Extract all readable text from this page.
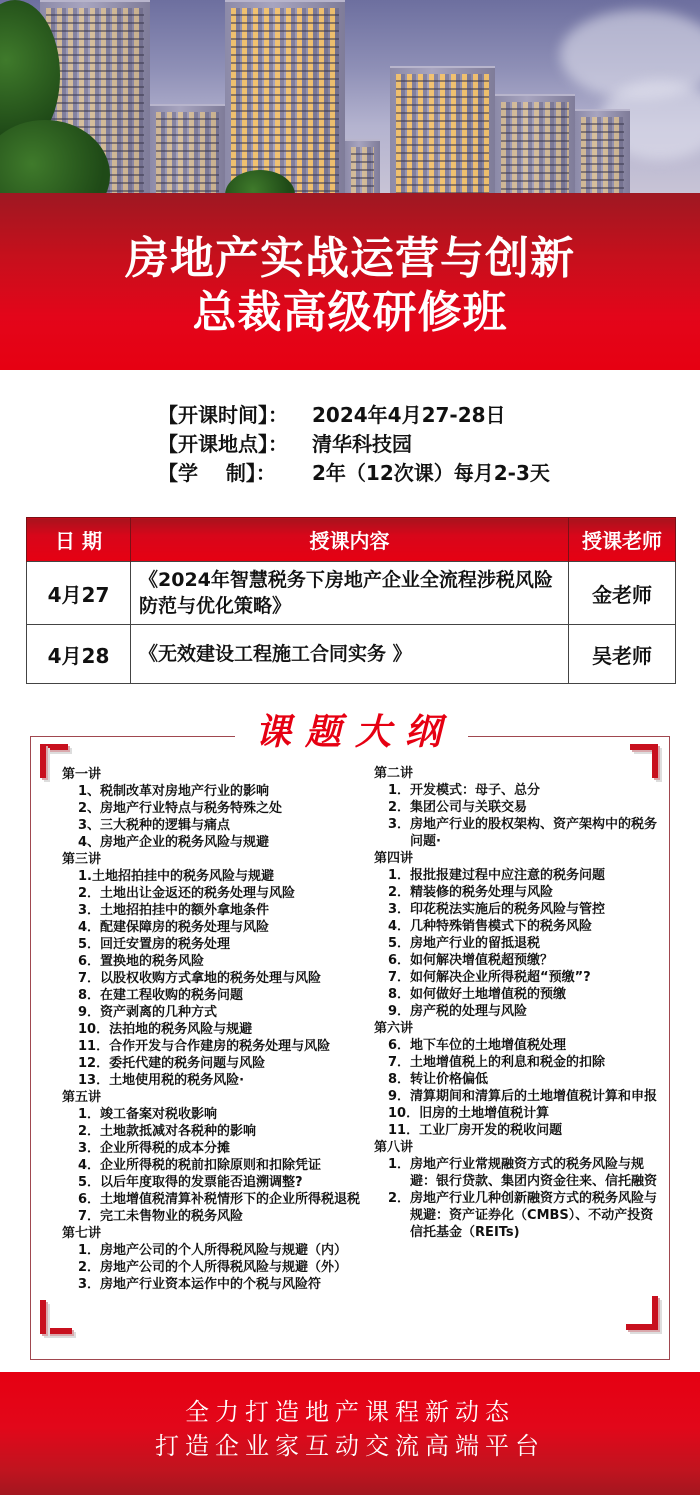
房地产实战运营与创新
总裁高级研修班
【开课时间】：	2024年4月27-28日
【开课地点】：	清华科技园
【学    制】：	2年（12次课）每月2-3天
日 期	授课内容	授课老师
4月27	《2024年智慧税务下房地产企业全流程涉税风险防范与优化策略》	金老师
4月28	《无效建设工程施工合同实务 》	吴老师
课题大纲
第一讲
1、 税制改革对房地产行业的影响
2、 房地产行业特点与税务特殊之处
3、 三大税种的逻辑与痛点
4、 房地产企业的税务风险与规避
第三讲
1. 土地招拍挂中的税务风险与规避
2． 土地出让金返还的税务处理与风险
3． 土地招拍挂中的额外拿地条件
4． 配建保障房的税务处理与风险
5． 回迁安置房的税务处理
6． 置换地的税务风险
7． 以股权收购方式拿地的税务处理与风险
8． 在建工程收购的税务问题
9． 资产剥离的几种方式
10． 法拍地的税务风险与规避
11． 合作开发与合作建房的税务处理与风险
12． 委托代建的税务问题与风险
13． 土地使用税的税务风险·
第五讲
1． 竣工备案对税收影响
2． 土地款抵减对各税种的影响
3． 企业所得税的成本分摊
4． 企业所得税的税前扣除原则和扣除凭证
5． 以后年度取得的发票能否追溯调整?
6． 土地增值税清算补税情形下的企业所得税退税
7． 完工未售物业的税务风险
第七讲
1． 房地产公司的个人所得税风险与规避（内）
2． 房地产公司的个人所得税风险与规避（外）
3． 房地产行业资本运作中的个税与风险符
第二讲
1． 开发模式：母子、总分
2． 集团公司与关联交易
3． 房地产行业的股权架构、资产架构中的税务问题·
第四讲
1． 报批报建过程中应注意的税务问题
2． 精装修的税务处理与风险
3． 印花税法实施后的税务风险与管控
4． 几种特殊销售模式下的税务风险
5． 房地产行业的留抵退税
6． 如何解决增值税超预缴？
7． 如何解决企业所得税超“预缴”?
8． 如何做好土地增值税的预缴
9． 房产税的处理与风险
第六讲
6． 地下车位的土地增值税处理
7． 土地增值税上的利息和税金的扣除
8． 转让价格偏低
9． 清算期间和清算后的土地增值税计算和申报
10． 旧房的土地增值税计算
11． 工业厂房开发的税收问题
第八讲
1． 房地产行业常规融资方式的税务风险与规避：银行贷款、集团内资金往来、信托融资
2． 房地产行业几种创新融资方式的税务风险与规避：资产证券化（CMBS）、不动产投资信托基金（REITs)
全力打造地产课程新动态
打造企业家互动交流高端平台
